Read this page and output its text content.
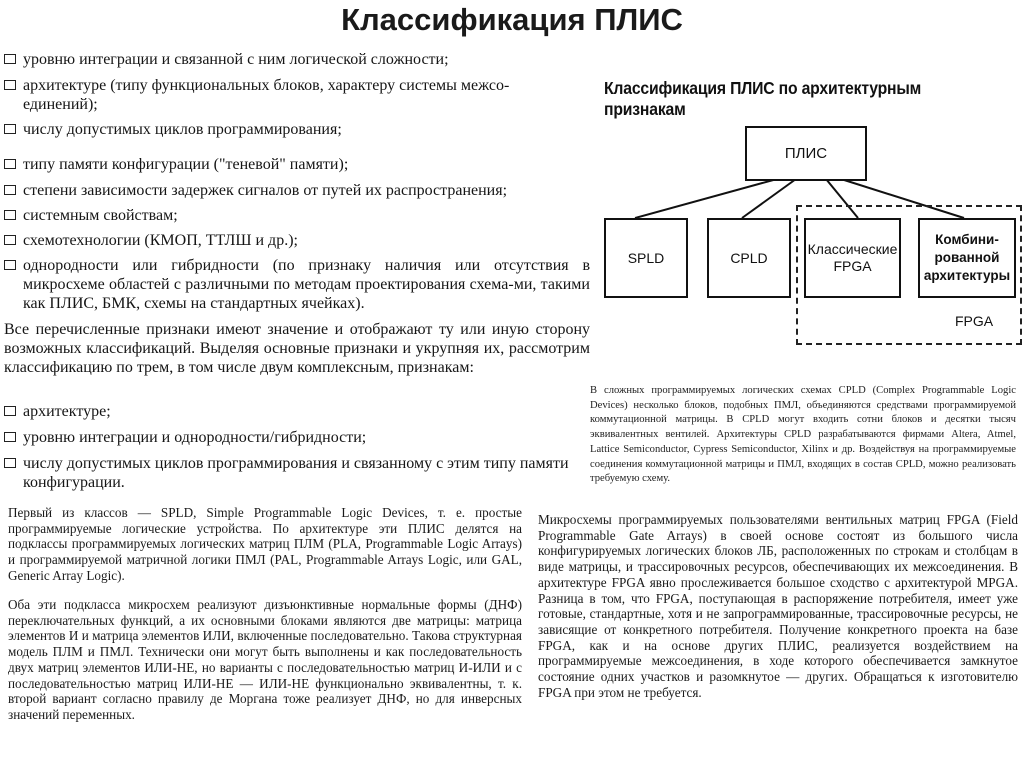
Классификация ПЛИС
уровню интеграции и связанной с ним логической сложности;
архитектуре (типу функциональных блоков, характеру системы межсо-единений);
числу допустимых циклов программирования;
типу памяти конфигурации ("теневой" памяти);
степени зависимости задержек сигналов от путей их распространения;
системным свойствам;
схемотехнологии (КМОП, ТТЛШ и др.);
однородности или гибридности (по признаку наличия или отсутствия в микросхеме областей с различными по методам проектирования схема-ми, такими как ПЛИС, БМК, схемы на стандартных ячейках).
Все перечисленные признаки имеют значение и отображают ту или иную сторону возможных классификаций. Выделяя основные признаки и укрупняя их, рассмотрим классификацию по трем, в том числе двум комплексным, признакам:
архитектуре;
уровню интеграции и однородности/гибридности;
числу допустимых циклов программирования и связанному с этим типу памяти конфигурации.
Классификация ПЛИС по архитектурным признакам
ПЛИС
SPLD	CPLD
Классические FPGA
Комбини-рованной архитектуры
FPGA
В сложных программируемых логических схемах CPLD (Complex Programmable Logic Devices) несколько блоков, подобных ПМЛ, объединяются средствами программируемой коммутационной матрицы. В CPLD могут входить сотни блоков и десятки тысяч эквивалентных вентилей. Архитектуры CPLD разрабатываются фирмами Altera, Atmel, Lattice Semiconductor, Cypress Semiconductor, Xilinx и др. Воздействуя на программируемые соединения коммутационной матрицы и ПМЛ, входящих в состав CPLD, можно реализовать требуемую схему.
Первый из классов — SPLD, Simple Programmable Logic Devices, т. е. простые программируемые логические устройства. По архитектуре эти ПЛИС делятся на подклассы программируемых логических матриц ПЛМ (PLA, Programmable Logic Arrays) и программируемой матричной логики ПМЛ (PAL, Programmable Arrays Logic, или GAL, Generic Array Logic).
Оба эти подкласса микросхем реализуют дизъюнктивные нормальные формы (ДНФ) переключательных функций, а их основными блоками являются две матрицы: матрица элементов И и матрица элементов ИЛИ, включенные последовательно. Такова структурная модель ПЛМ и ПМЛ. Технически они могут быть выполнены и как последовательность двух матриц элементов ИЛИ-НЕ, но варианты с последовательностью матриц И-ИЛИ и с последовательностью матриц ИЛИ-НЕ — ИЛИ-НЕ функционально эквивалентны, т. к. второй вариант согласно правилу де Моргана тоже реализует ДНФ, но для инверсных значений переменных.
Микросхемы программируемых пользователями вентильных матриц FPGA (Field Programmable Gate Arrays) в своей основе состоят из большого числа конфигурируемых логических блоков ЛБ, расположенных по строкам и столбцам в виде матрицы, и трассировочных ресурсов, обеспечивающих их межсоединения. В архитектуре FPGA явно прослеживается большое сходство с архитектурой MPGA. Разница в том, что FPGA, поступающая в распоряжение потребителя, имеет уже готовые, стандартные, хотя и не запрограммированные, трассировочные ресурсы, не зависящие от конкретного потребителя. Получение конкретного проекта на базе FPGA, как и на основе других ПЛИС, реализуется воздействием на программируемые межсоединения, в ходе которого обеспечивается замкнутое состояние одних участков и разомкнутое — других. Обращаться к изготовителю FPGA при этом не требуется.
